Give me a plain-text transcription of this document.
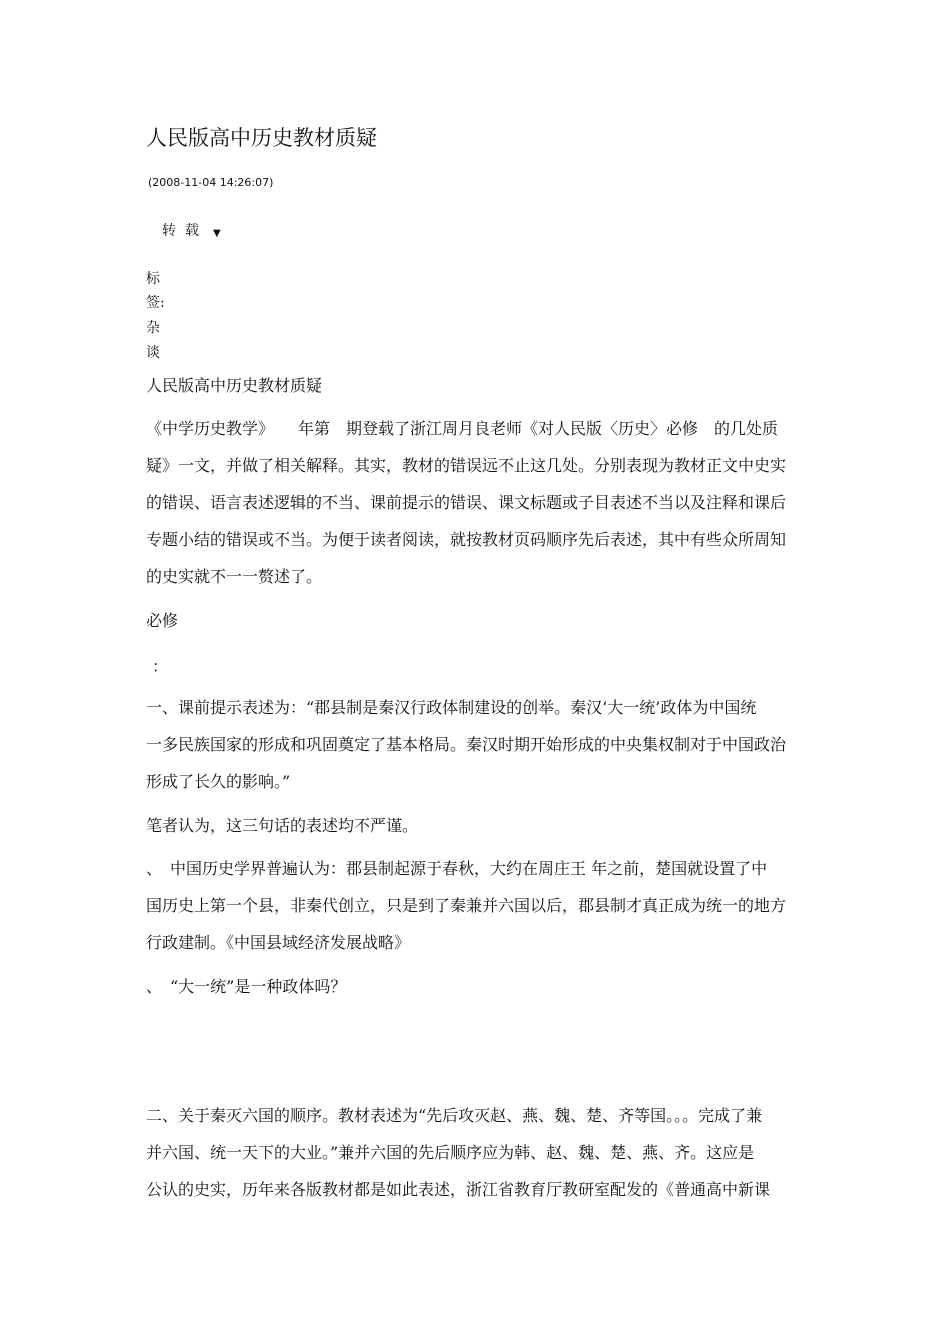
人民版高中历史教材质疑
(2008-11-04 14:26:07)
转载 ▼
标
签:
杂
谈
人民版高中历史教材质疑
《中学历史教学》　　年第　期登载了浙江周月良老师《对人民版〈历史〉必修　的几处质
疑》一文，并做了相关解释。其实，教材的错误远不止这几处。分别表现为教材正文中史实
的错误、语言表述逻辑的不当、课前提示的错误、课文标题或子目表述不当以及注释和课后
专题小结的错误或不当。为便于读者阅读，就按教材页码顺序先后表述，其中有些众所周知
的史实就不一一赘述了。
必修
：
一、课前提示表述为：“郡县制是秦汉行政体制建设的创举。秦汉‘大一统’政体为中国统
一多民族国家的形成和巩固奠定了基本格局。秦汉时期开始形成的中央集权制对于中国政治
形成了长久的影响。”
笔者认为，这三句话的表述均不严谨。
、　中国历史学界普遍认为：郡县制起源于春秋，大约在周庄王 年之前，楚国就设置了中
国历史上第一个县，非秦代创立，只是到了秦兼并六国以后，郡县制才真正成为统一的地方
行政建制。《中国县域经济发展战略》
、　“大一统”是一种政体吗？
二、关于秦灭六国的顺序。教材表述为“先后攻灭赵、燕、魏、楚、齐等国。。。完成了兼
并六国、统一天下的大业。”兼并六国的先后顺序应为韩、赵、魏、楚、燕、齐。这应是
公认的史实，历年来各版教材都是如此表述，浙江省教育厅教研室配发的《普通高中新课
